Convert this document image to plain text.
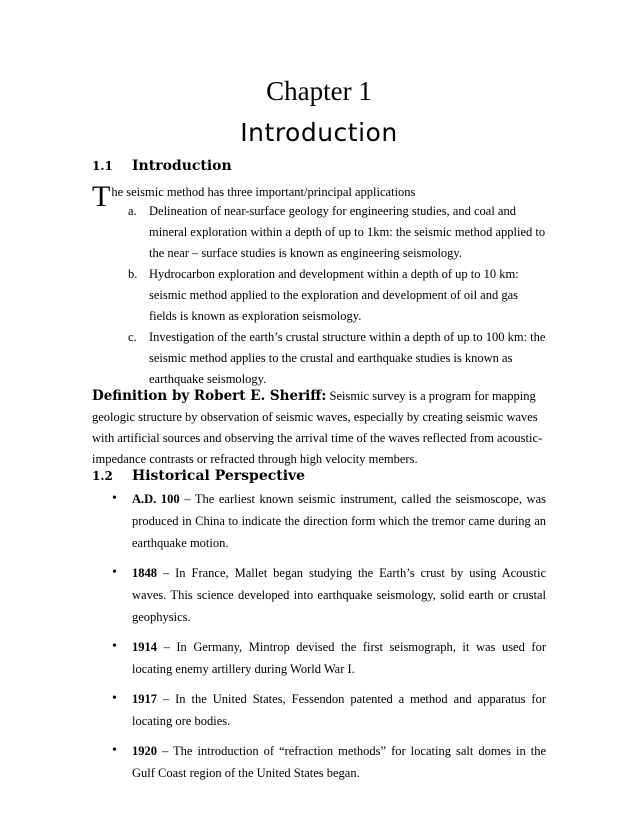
Chapter 1
Introduction
1.1 Introduction
The seismic method has three important/principal applications
a. Delineation of near-surface geology for engineering studies, and coal and mineral exploration within a depth of up to 1km: the seismic method applied to the near – surface studies is known as engineering seismology.
b. Hydrocarbon exploration and development within a depth of up to 10 km: seismic method applied to the exploration and development of oil and gas fields is known as exploration seismology.
c. Investigation of the earth’s crustal structure within a depth of up to 100 km: the seismic method applies to the crustal and earthquake studies is known as earthquake seismology.
Definition by Robert E. Sheriff: Seismic survey is a program for mapping geologic structure by observation of seismic waves, especially by creating seismic waves with artificial sources and observing the arrival time of the waves reflected from acoustic-impedance contrasts or refracted through high velocity members.
1.2 Historical Perspective
• A.D. 100 – The earliest known seismic instrument, called the seismoscope, was produced in China to indicate the direction form which the tremor came during an earthquake motion.
• 1848 – In France, Mallet began studying the Earth’s crust by using Acoustic waves. This science developed into earthquake seismology, solid earth or crustal geophysics.
• 1914 – In Germany, Mintrop devised the first seismograph, it was used for locating enemy artillery during World War I.
• 1917 – In the United States, Fessendon patented a method and apparatus for locating ore bodies.
• 1920 – The introduction of “refraction methods” for locating salt domes in the Gulf Coast region of the United States began.
